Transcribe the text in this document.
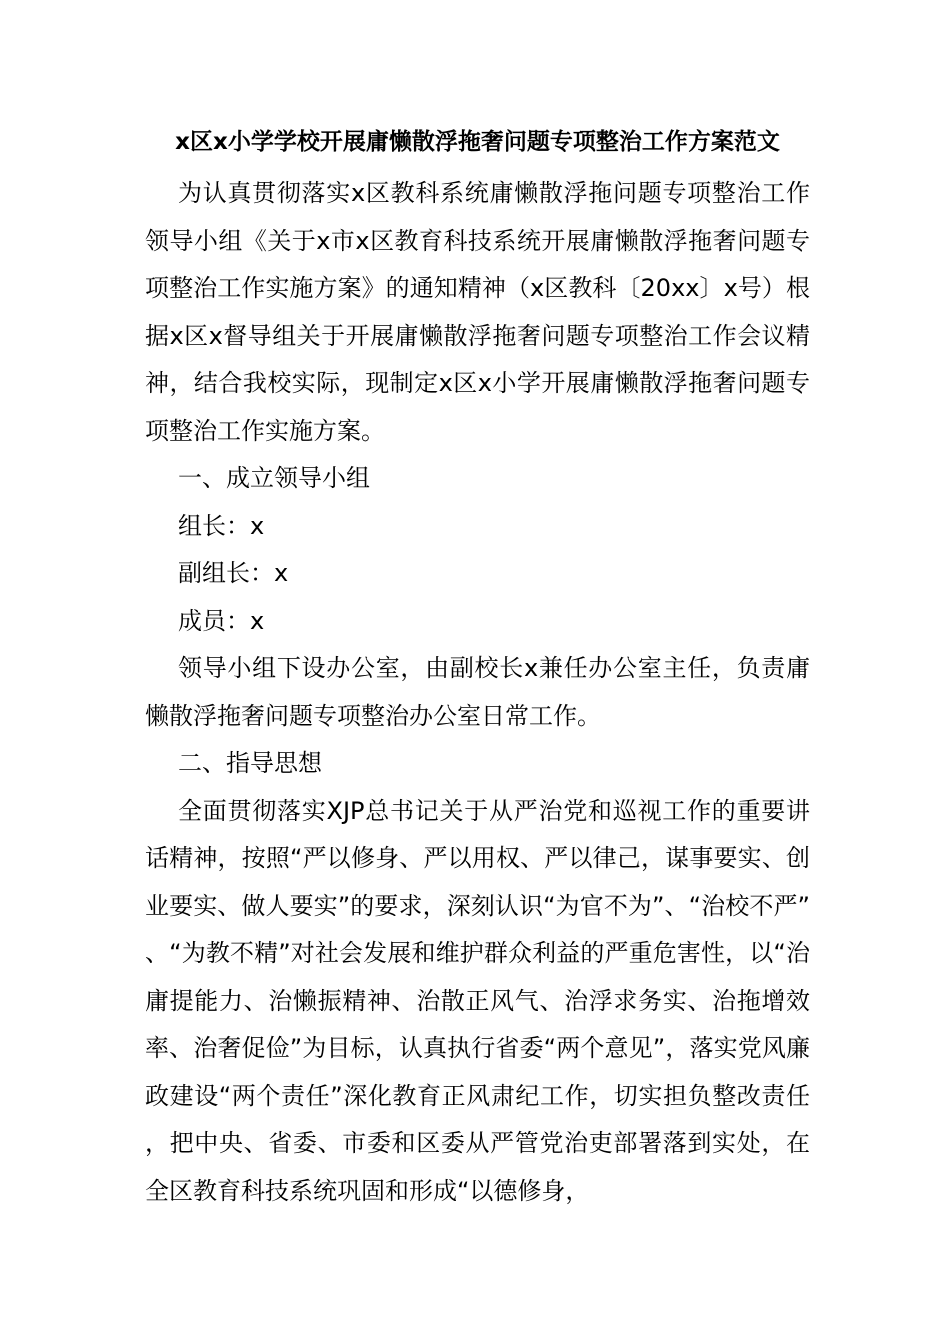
x区x小学学校开展庸懒散浮拖奢问题专项整治工作方案范文

为认真贯彻落实x区教科系统庸懒散浮拖问题专项整治工作领导小组《关于x市x区教育科技系统开展庸懒散浮拖奢问题专项整治工作实施方案》的通知精神（x区教科〔20xx〕x号）根据x区x督导组关于开展庸懒散浮拖奢问题专项整治工作会议精神，结合我校实际，现制定x区x小学开展庸懒散浮拖奢问题专项整治工作实施方案。

一、成立领导小组

组长：x

副组长：x

成员：x

领导小组下设办公室，由副校长x兼任办公室主任，负责庸懒散浮拖奢问题专项整治办公室日常工作。

二、指导思想

全面贯彻落实XJP总书记关于从严治党和巡视工作的重要讲话精神，按照“严以修身、严以用权、严以律己，谋事要实、创业要实、做人要实”的要求，深刻认识“为官不为”、“治校不严”、“为教不精”对社会发展和维护群众利益的严重危害性，以“治庸提能力、治懒振精神、治散正风气、治浮求务实、治拖增效率、治奢促俭”为目标，认真执行省委“两个意见”，落实党风廉政建设“两个责任”深化教育正风肃纪工作，切实担负整改责任，把中央、省委、市委和区委从严管党治吏部署落到实处，在全区教育科技系统巩固和形成“以德修身，
